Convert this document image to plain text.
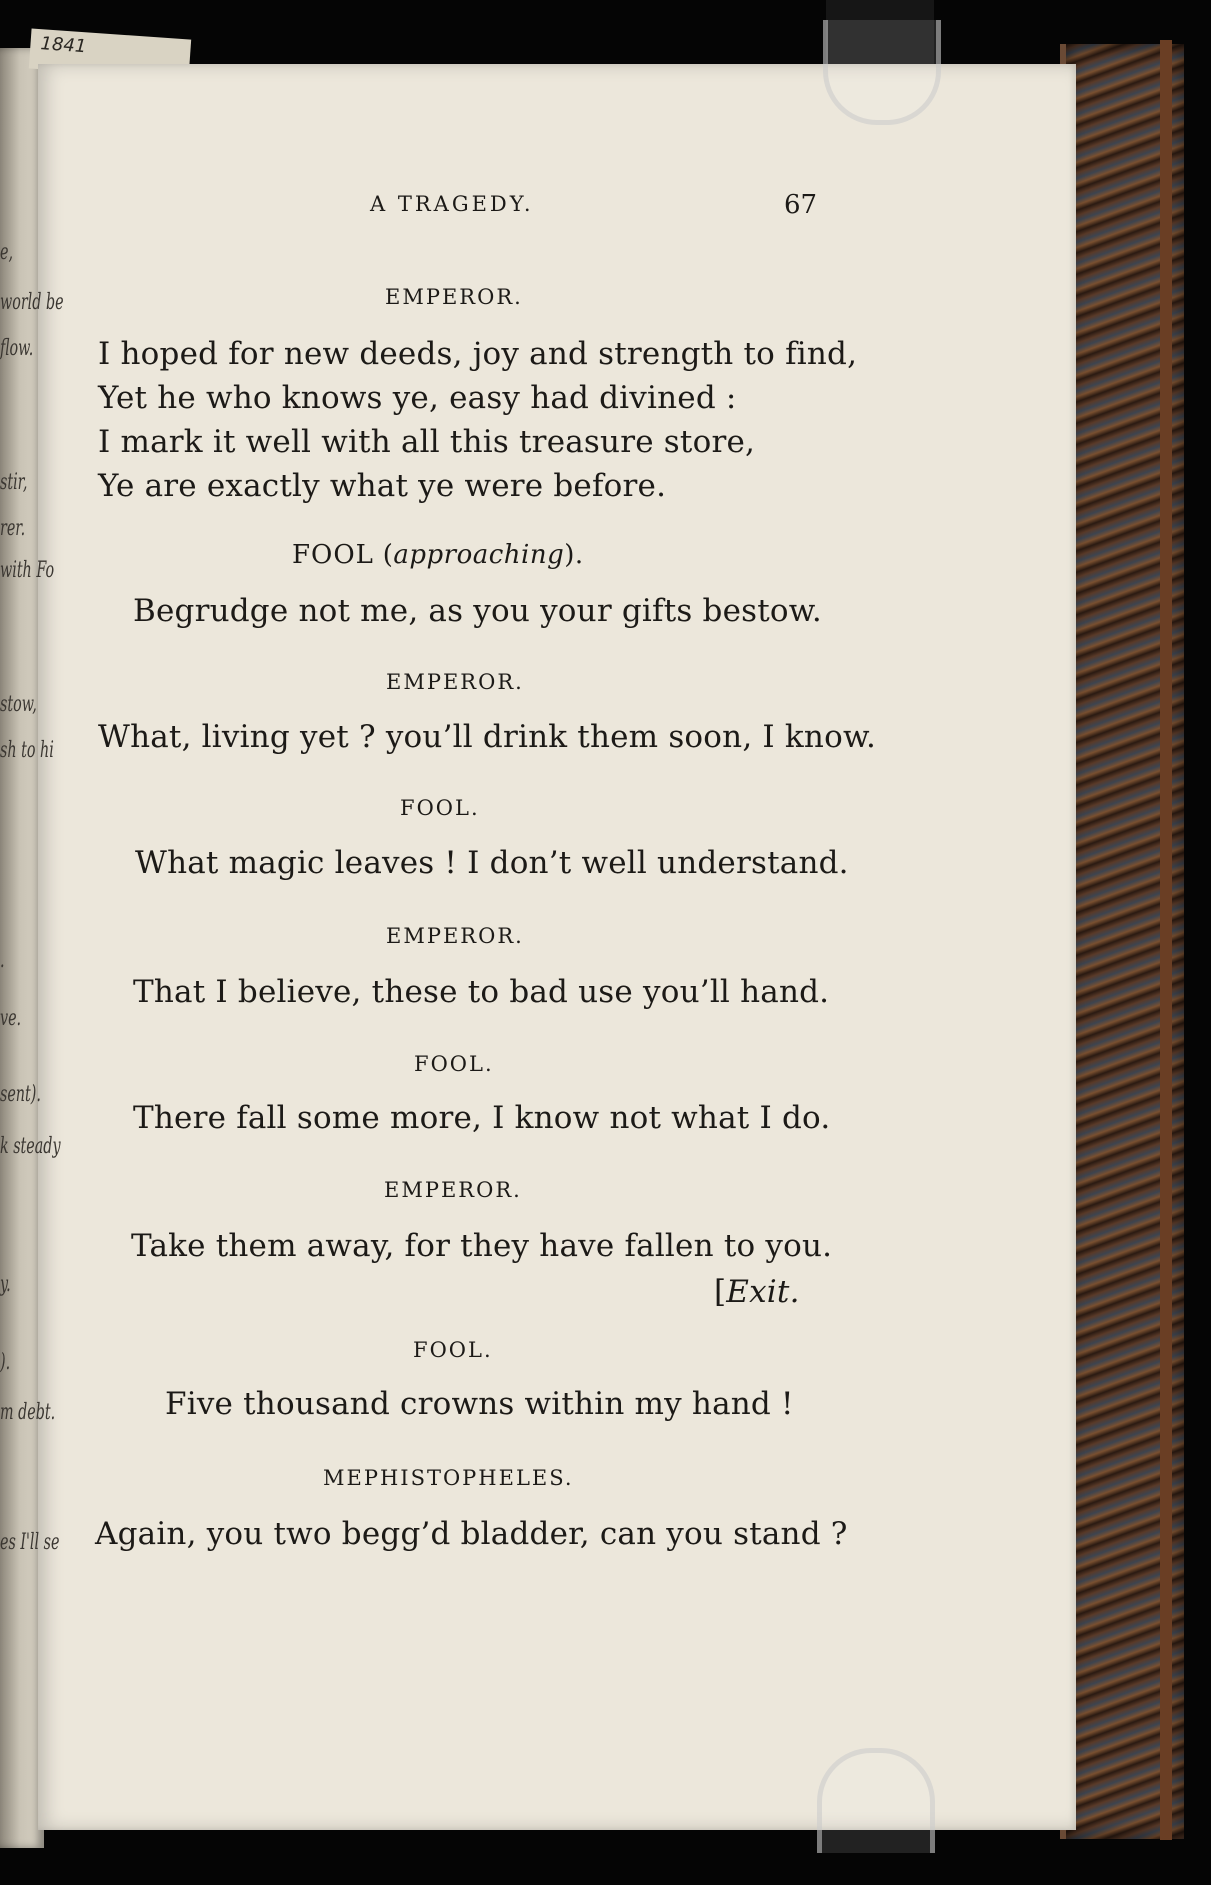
1841
e,
world be
flow.
stir,
rer.
with Fo
stow,
sh to hi
.
ve.
sent).
k steady
y.
).
m debt.
es I'll se
A TRAGEDY.	67
EMPEROR.
I hoped for new deeds, joy and strength to find,
Yet he who knows ye, easy had divined :
I mark it well with all this treasure store,
Ye are exactly what ye were before.
FOOL (approaching).
Begrudge not me, as you your gifts bestow.
EMPEROR.
What, living yet ? you’ll drink them soon, I know.
FOOL.
What magic leaves ! I don’t well understand.
EMPEROR.
That I believe, these to bad use you’ll hand.
FOOL.
There fall some more, I know not what I do.
EMPEROR.
Take them away, for they have fallen to you.
[Exit.
FOOL.
Five thousand crowns within my hand !
MEPHISTOPHELES.
Again, you two begg’d bladder, can you stand ?
